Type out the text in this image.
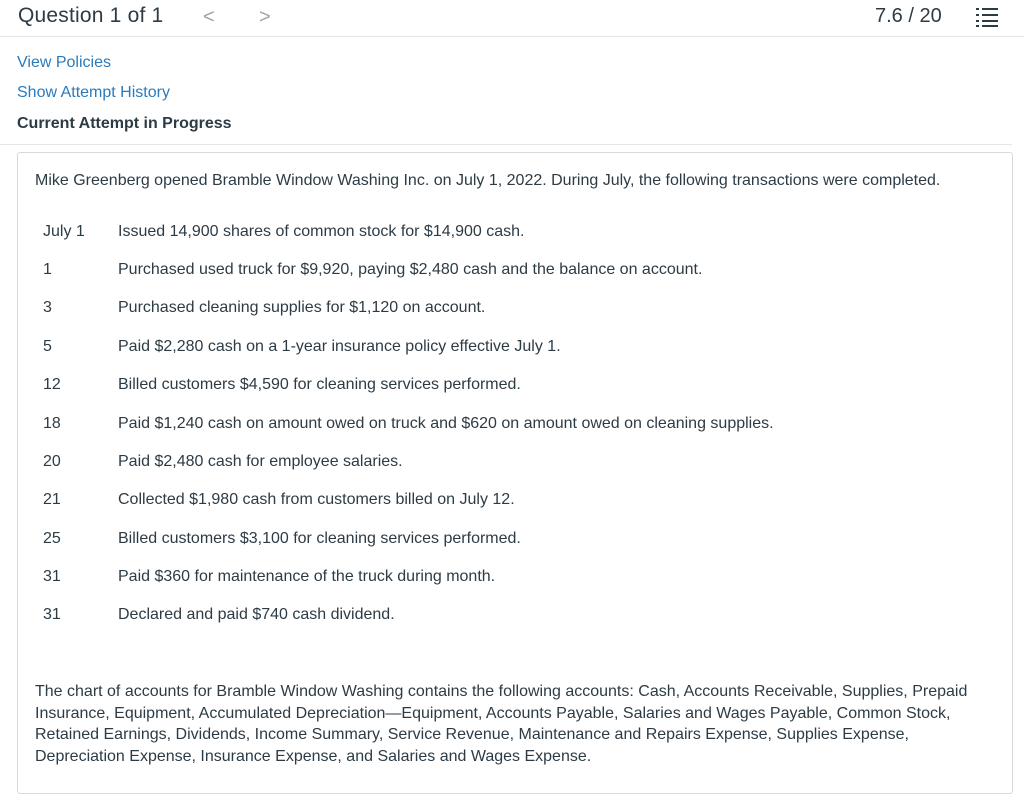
Question 1 of 1 < >	7.6 / 20
View Policies
Show Attempt History
Current Attempt in Progress
Mike Greenberg opened Bramble Window Washing Inc. on July 1, 2022. During July, the following transactions were completed.
July 1 Issued 14,900 shares of common stock for $14,900 cash.
1	Purchased used truck for $9,920, paying $2,480 cash and the balance on account.
3	Purchased cleaning supplies for $1,120 on account.
5	Paid $2,280 cash on a 1-year insurance policy effective July 1.
12	Billed customers $4,590 for cleaning services performed.
18	Paid $1,240 cash on amount owed on truck and $620 on amount owed on cleaning supplies.
20	Paid $2,480 cash for employee salaries.
21	Collected $1,980 cash from customers billed on July 12.
25	Billed customers $3,100 for cleaning services performed.
31	Paid $360 for maintenance of the truck during month.
31	Declared and paid $740 cash dividend.
The chart of accounts for Bramble Window Washing contains the following accounts: Cash, Accounts Receivable, Supplies, Prepaid Insurance, Equipment, Accumulated Depreciation—Equipment, Accounts Payable, Salaries and Wages Payable, Common Stock, Retained Earnings, Dividends, Income Summary, Service Revenue, Maintenance and Repairs Expense, Supplies Expense, Depreciation Expense, Insurance Expense, and Salaries and Wages Expense.
